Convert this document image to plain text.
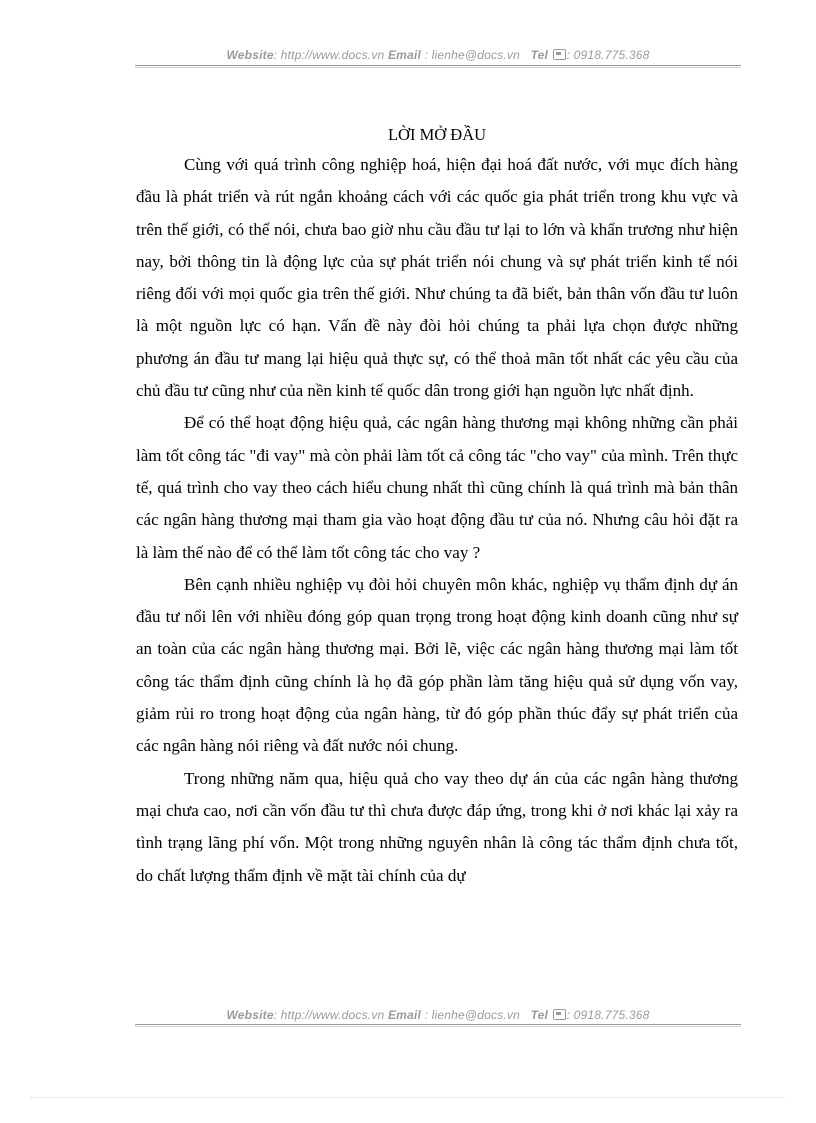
Website: http://www.docs.vn Email : lienhe@docs.vn Tel : 0918.775.368

LỜI MỞ ĐẦU

Cùng với quá trình công nghiệp hoá, hiện đại hoá đất nước, với mục đích hàng đầu là phát triển và rút ngắn khoảng cách với các quốc gia phát triển trong khu vực và trên thế giới, có thể nói, chưa bao giờ nhu cầu đầu tư lại to lớn và khẩn trương như hiện nay, bởi thông tin là động lực của sự phát triển nói chung và sự phát triển kinh tế nói riêng đối với mọi quốc gia trên thế giới. Như chúng ta đã biết, bản thân vốn đầu tư luôn là một nguồn lực có hạn. Vấn đề này đòi hỏi chúng ta phải lựa chọn được những phương án đầu tư mang lại hiệu quả thực sự, có thể thoả mãn tốt nhất các yêu cầu của chủ đầu tư cũng như của nền kinh tế quốc dân trong giới hạn nguồn lực nhất định.

Để có thể hoạt động hiệu quả, các ngân hàng thương mại không những cần phải làm tốt công tác "đi vay" mà còn phải làm tốt cả công tác "cho vay" của mình. Trên thực tế, quá trình cho vay theo cách hiểu chung nhất thì cũng chính là quá trình mà bản thân các ngân hàng thương mại tham gia vào hoạt động đầu tư của nó. Nhưng câu hỏi đặt ra là làm thế nào để có thể làm tốt công tác cho vay ?

Bên cạnh nhiều nghiệp vụ đòi hỏi chuyên môn khác, nghiệp vụ thẩm định dự án đầu tư nổi lên với nhiều đóng góp quan trọng trong hoạt động kinh doanh cũng như sự an toàn của các ngân hàng thương mại. Bởi lẽ, việc các ngân hàng thương mại làm tốt công tác thẩm định cũng chính là họ đã góp phần làm tăng hiệu quả sử dụng vốn vay, giảm rủi ro trong hoạt động của ngân hàng, từ đó góp phần thúc đẩy sự phát triển của các ngân hàng nói riêng và đất nước nói chung.

Trong những năm qua, hiệu quả cho vay theo dự án của các ngân hàng thương mại chưa cao, nơi cần vốn đầu tư thì chưa được đáp ứng, trong khi ở nơi khác lại xảy ra tình trạng lãng phí vốn. Một trong những nguyên nhân là công tác thẩm định chưa tốt, do chất lượng thẩm định về mặt tài chính của dự

Website: http://www.docs.vn Email : lienhe@docs.vn Tel : 0918.775.368
